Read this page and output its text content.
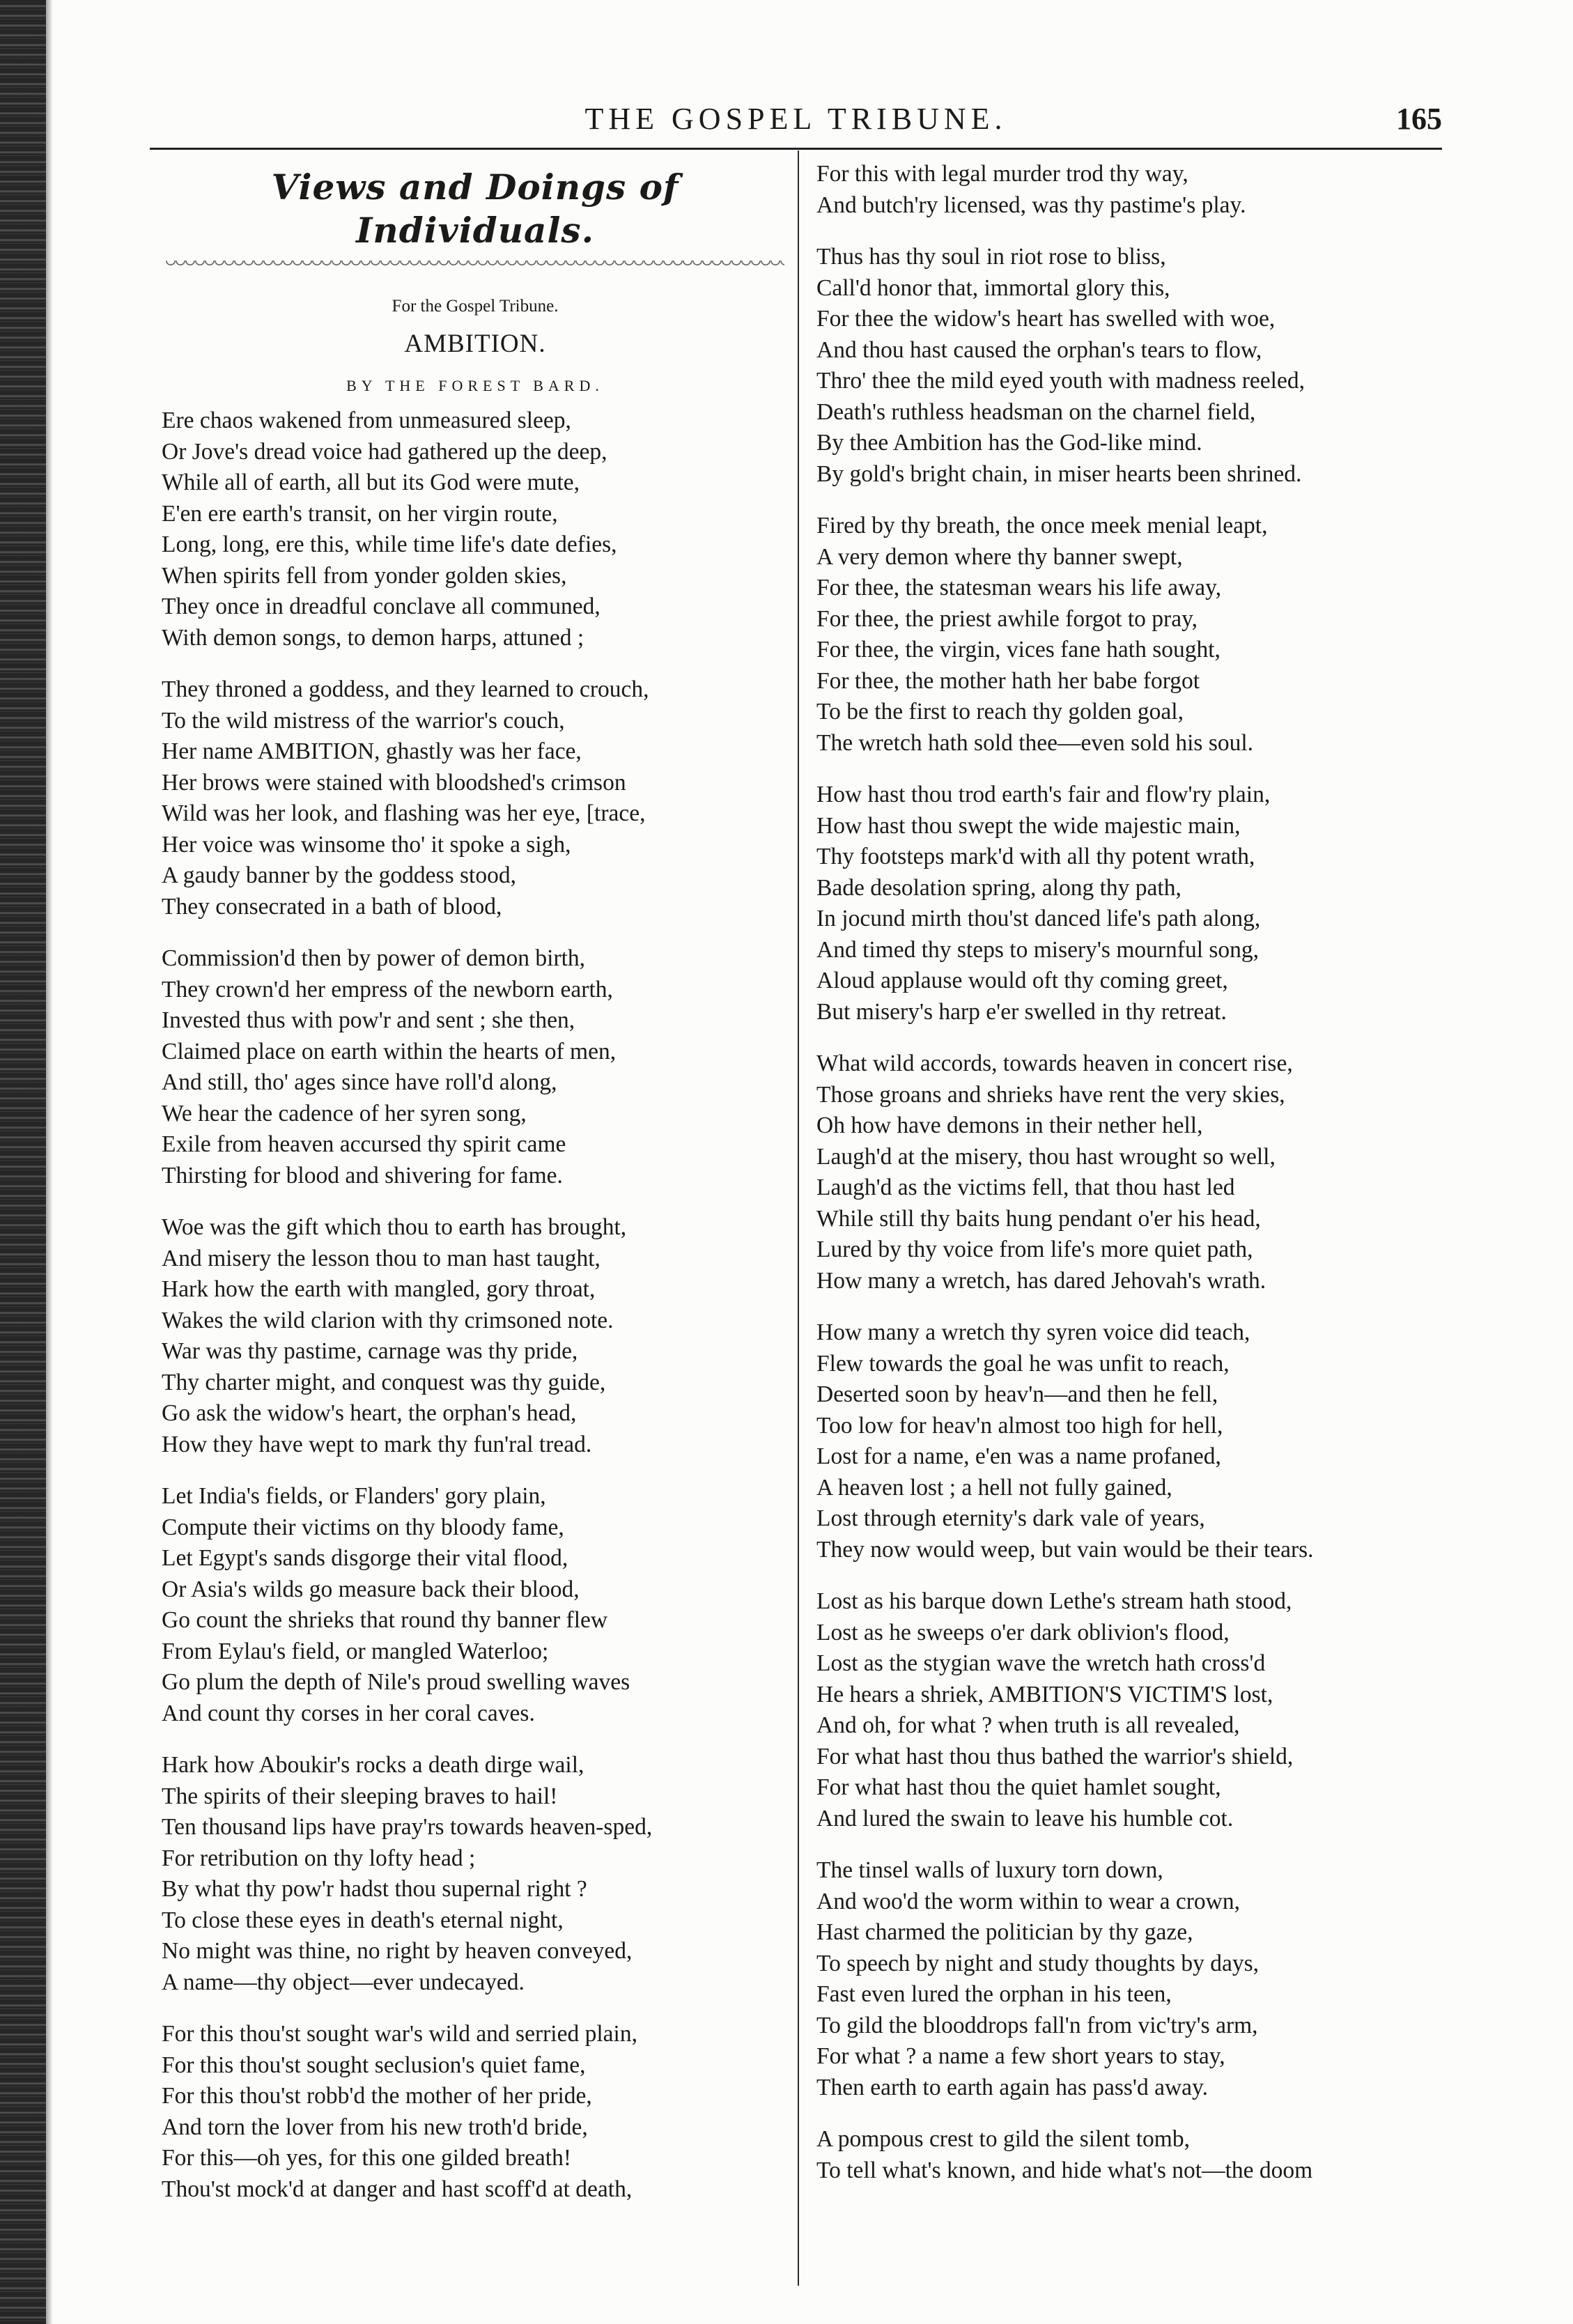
THE GOSPEL TRIBUNE.	165
Views and Doings of Individuals.
For the Gospel Tribune.
AMBITION.
BY THE FOREST BARD.
Ere chaos wakened from unmeasured sleep,
Or Jove's dread voice had gathered up the deep,
While all of earth, all but its God were mute,
E'en ere earth's transit, on her virgin route,
Long, long, ere this, while time life's date defies,
When spirits fell from yonder golden skies,
They once in dreadful conclave all communed,
With demon songs, to demon harps, attuned ;
They throned a goddess, and they learned to crouch,
To the wild mistress of the warrior's couch,
Her name AMBITION, ghastly was her face,
Her brows were stained with bloodshed's crimson
Wild was her look, and flashing was her eye, [trace,
Her voice was winsome tho' it spoke a sigh,
A gaudy banner by the goddess stood,
They consecrated in a bath of blood,
Commission'd then by power of demon birth,
They crown'd her empress of the newborn earth,
Invested thus with pow'r and sent ; she then,
Claimed place on earth within the hearts of men,
And still, tho' ages since have roll'd along,
We hear the cadence of her syren song,
Exile from heaven accursed thy spirit came
Thirsting for blood and shivering for fame.
Woe was the gift which thou to earth has brought,
And misery the lesson thou to man hast taught,
Hark how the earth with mangled, gory throat,
Wakes the wild clarion with thy crimsoned note.
War was thy pastime, carnage was thy pride,
Thy charter might, and conquest was thy guide,
Go ask the widow's heart, the orphan's head,
How they have wept to mark thy fun'ral tread.
Let India's fields, or Flanders' gory plain,
Compute their victims on thy bloody fame,
Let Egypt's sands disgorge their vital flood,
Or Asia's wilds go measure back their blood,
Go count the shrieks that round thy banner flew
From Eylau's field, or mangled Waterloo;
Go plum the depth of Nile's proud swelling waves
And count thy corses in her coral caves.
Hark how Aboukir's rocks a death dirge wail,
The spirits of their sleeping braves to hail!
Ten thousand lips have pray'rs towards heaven-sped,
For retribution on thy lofty head ;
By what thy pow'r hadst thou supernal right ?
To close these eyes in death's eternal night,
No might was thine, no right by heaven conveyed,
A name—thy object—ever undecayed.
For this thou'st sought war's wild and serried plain,
For this thou'st sought seclusion's quiet fame,
For this thou'st robb'd the mother of her pride,
And torn the lover from his new troth'd bride,
For this—oh yes, for this one gilded breath!
Thou'st mock'd at danger and hast scoff'd at death,
For this with legal murder trod thy way,
And butch'ry licensed, was thy pastime's play.
Thus has thy soul in riot rose to bliss,
Call'd honor that, immortal glory this,
For thee the widow's heart has swelled with woe,
And thou hast caused the orphan's tears to flow,
Thro' thee the mild eyed youth with madness reeled,
Death's ruthless headsman on the charnel field,
By thee Ambition has the God-like mind.
By gold's bright chain, in miser hearts been shrined.
Fired by thy breath, the once meek menial leapt,
A very demon where thy banner swept,
For thee, the statesman wears his life away,
For thee, the priest awhile forgot to pray,
For thee, the virgin, vices fane hath sought,
For thee, the mother hath her babe forgot
To be the first to reach thy golden goal,
The wretch hath sold thee—even sold his soul.
How hast thou trod earth's fair and flow'ry plain,
How hast thou swept the wide majestic main,
Thy footsteps mark'd with all thy potent wrath,
Bade desolation spring, along thy path,
In jocund mirth thou'st danced life's path along,
And timed thy steps to misery's mournful song,
Aloud applause would oft thy coming greet,
But misery's harp e'er swelled in thy retreat.
What wild accords, towards heaven in concert rise,
Those groans and shrieks have rent the very skies,
Oh how have demons in their nether hell,
Laugh'd at the misery, thou hast wrought so well,
Laugh'd as the victims fell, that thou hast led
While still thy baits hung pendant o'er his head,
Lured by thy voice from life's more quiet path,
How many a wretch, has dared Jehovah's wrath.
How many a wretch thy syren voice did teach,
Flew towards the goal he was unfit to reach,
Deserted soon by heav'n—and then he fell,
Too low for heav'n almost too high for hell,
Lost for a name, e'en was a name profaned,
A heaven lost ; a hell not fully gained,
Lost through eternity's dark vale of years,
They now would weep, but vain would be their tears.
Lost as his barque down Lethe's stream hath stood,
Lost as he sweeps o'er dark oblivion's flood,
Lost as the stygian wave the wretch hath cross'd
He hears a shriek, AMBITION'S VICTIM'S lost,
And oh, for what ? when truth is all revealed,
For what hast thou thus bathed the warrior's shield,
For what hast thou the quiet hamlet sought,
And lured the swain to leave his humble cot.
The tinsel walls of luxury torn down,
And woo'd the worm within to wear a crown,
Hast charmed the politician by thy gaze,
To speech by night and study thoughts by days,
Fast even lured the orphan in his teen,
To gild the blooddrops fall'n from vic'try's arm,
For what ? a name a few short years to stay,
Then earth to earth again has pass'd away.
A pompous crest to gild the silent tomb,
To tell what's known, and hide what's not—the doom
